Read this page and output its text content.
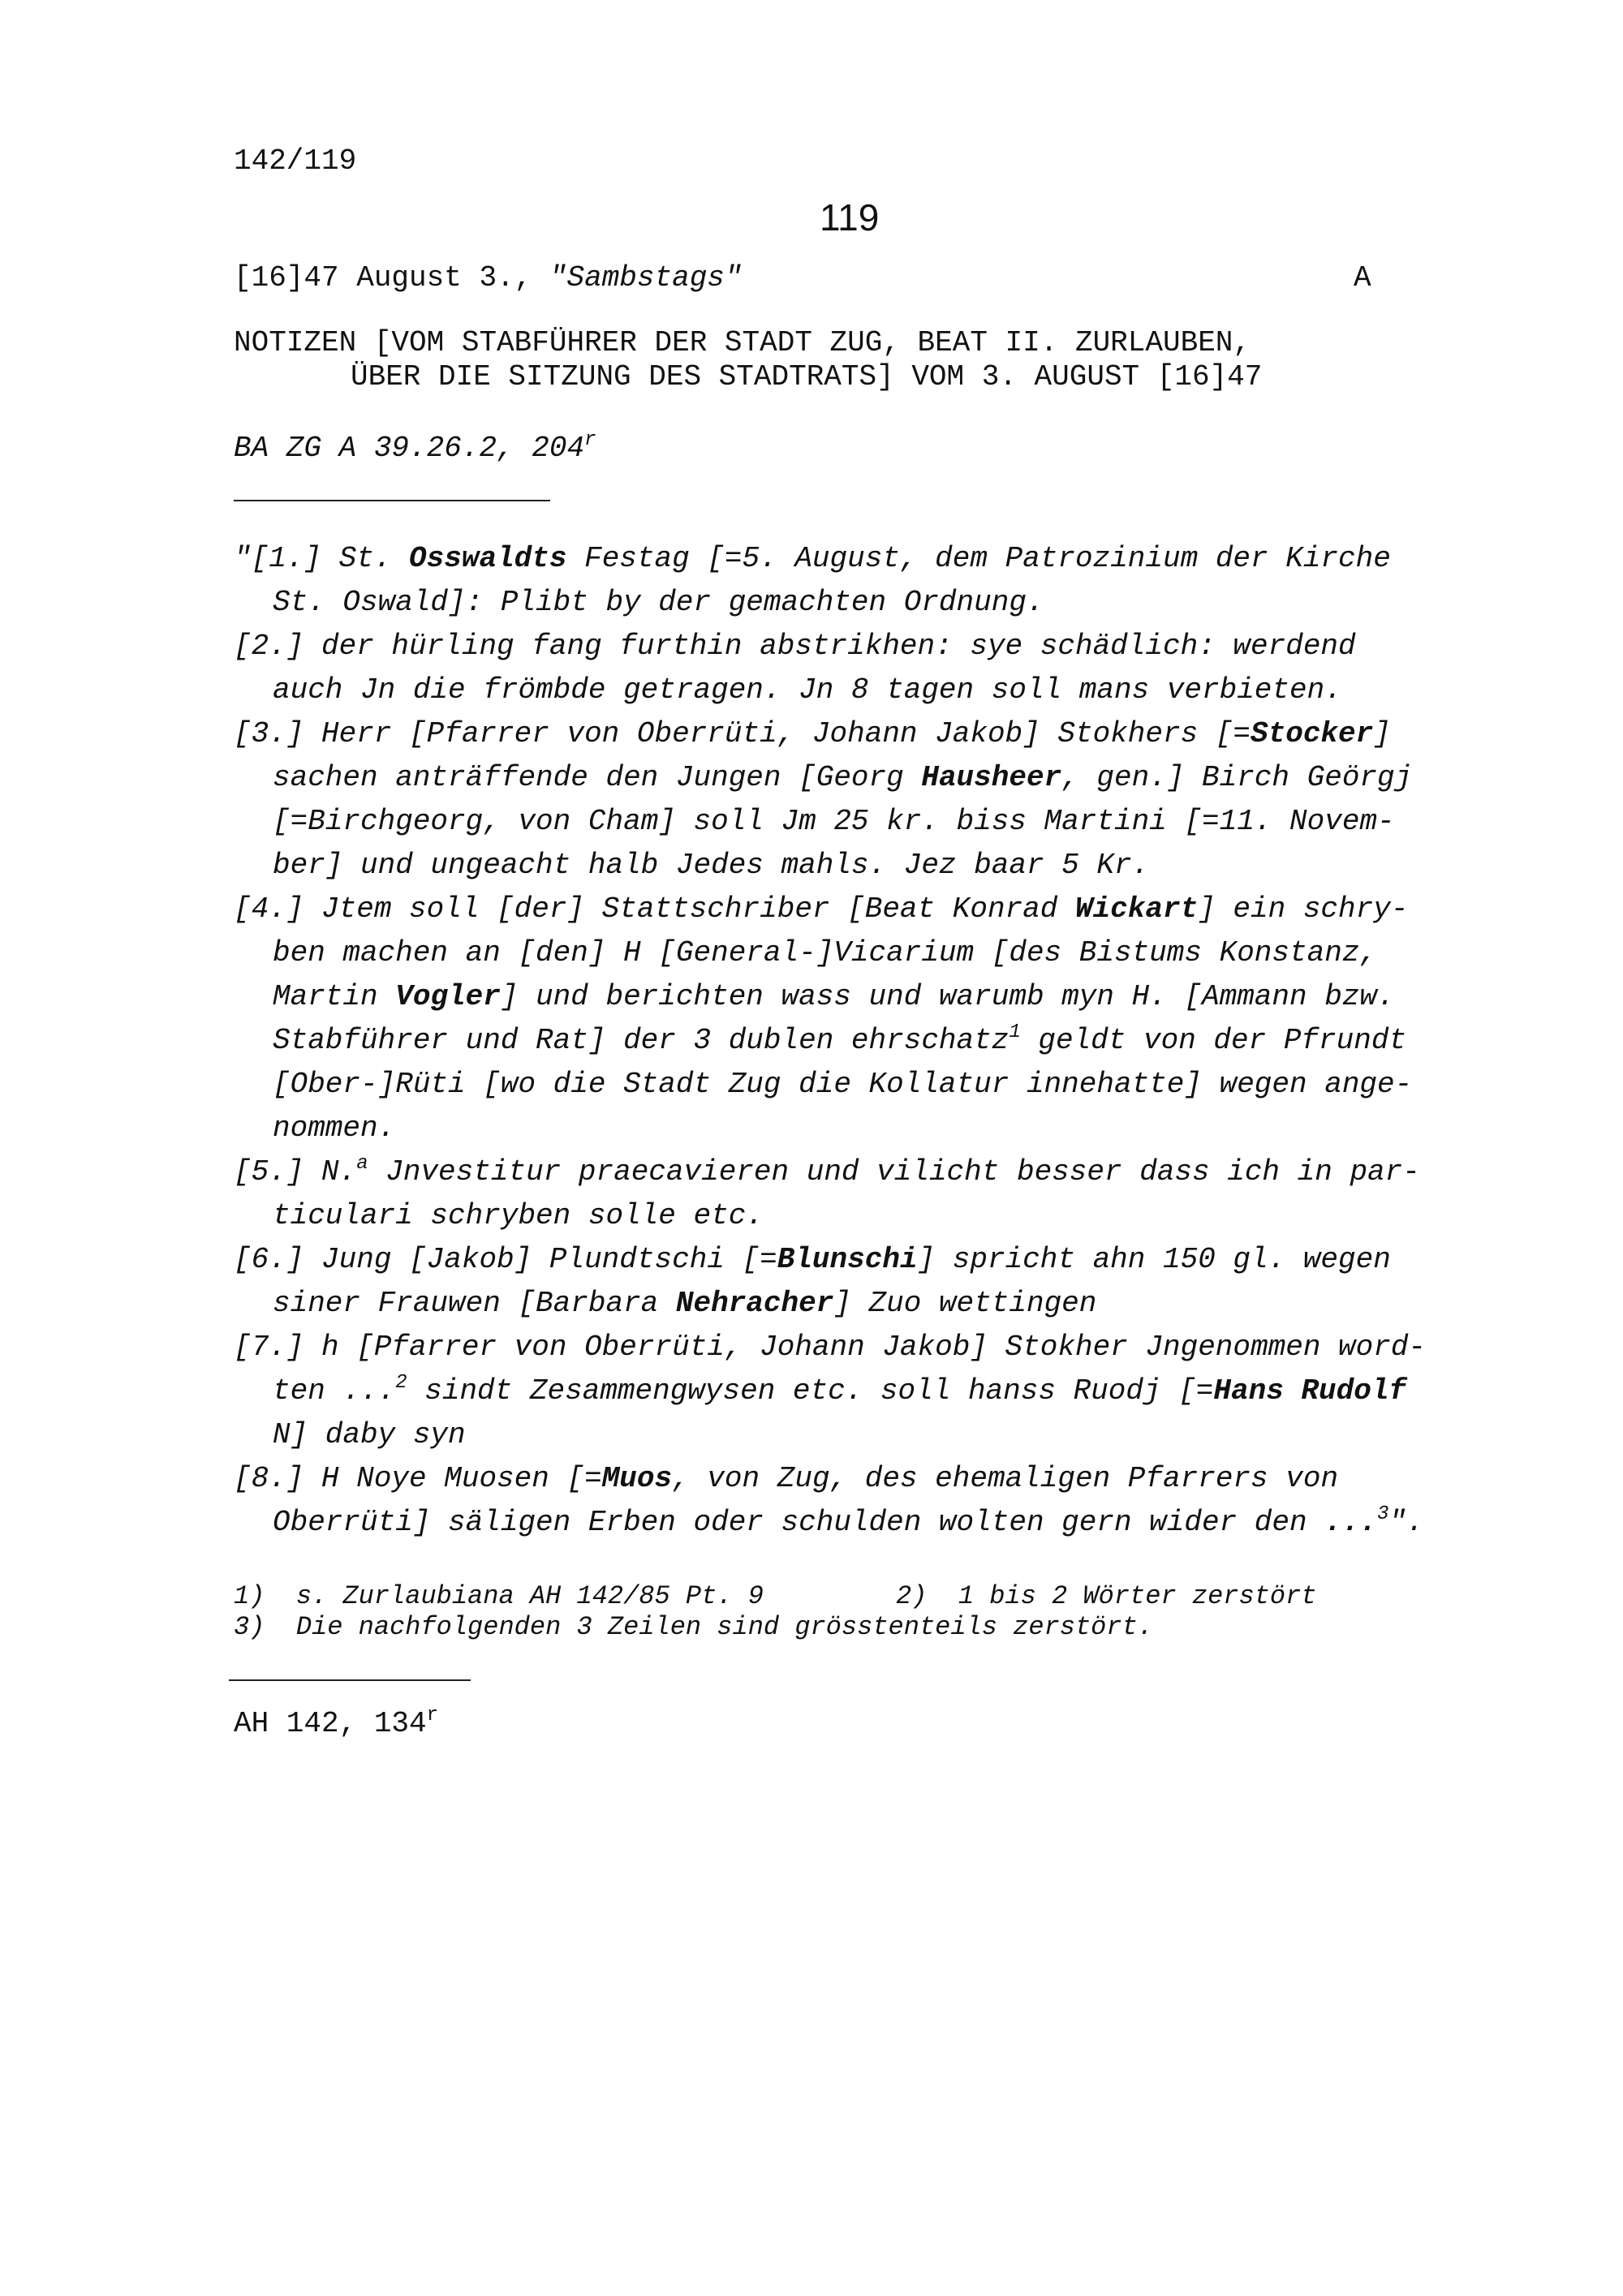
142/119
119
[16]47 August 3., "Sambstags"	A
NOTIZEN [VOM STABFÜHRER DER STADT ZUG, BEAT II. ZURLAUBEN,
ÜBER DIE SITZUNG DES STADTRATS] VOM 3. AUGUST [16]47
BA ZG A 39.26.2, 204$^r$
"[1.] St. Osswaldts Festag [=5. August, dem Patrozinium der Kirche
St. Oswald]: Plibt by der gemachten Ordnung.
[2.] der hürling fang furthin abstrikhen: sye schädlich: werdend
auch Jn die frömbde getragen. Jn 8 tagen soll mans verbieten.
[3.] Herr [Pfarrer von Oberrüti, Johann Jakob] Stokhers [=Stocker]
sachen anträffende den Jungen [Georg Hausheer, gen.] Birch Geörgj
[=Birchgeorg, von Cham] soll Jm 25 kr. biss Martini [=11. Novem-
ber] und ungeacht halb Jedes mahls. Jez baar 5 Kr.
[4.] Jtem soll [der] Stattschriber [Beat Konrad Wickart] ein schry-
ben machen an [den] H [General-]Vicarium [des Bistums Konstanz,
Martin Vogler] und berichten wass und warumb myn H. [Ammann bzw.
Stabführer und Rat] der 3 dublen ehrschatz$^1$ geldt von der Pfrundt
[Ober-]Rüti [wo die Stadt Zug die Kollatur innehatte] wegen ange-
nommen.
[5.] N.$^a$ Jnvestitur praecavieren und vilicht besser dass ich in par-
ticulari schryben solle etc.
[6.] Jung [Jakob] Plundtschi [=Blunschi] spricht ahn 150 gl. wegen
siner Frauwen [Barbara Nehracher] Zuo wettingen
[7.] h [Pfarrer von Oberrüti, Johann Jakob] Stokher Jngenommen word-
ten ...$^2$ sindt Zesammengwysen etc. soll hanss Ruodj [=Hans Rudolf
N] daby syn
[8.] H Noye Muosen [=Muos, von Zug, des ehemaligen Pfarrers von
Oberrüti] säligen Erben oder schulden wolten gern wider den ...$^3$".
1)  s. Zurlaubiana AH 142/85 Pt. 9	2)  1 bis 2 Wörter zerstört
3)  Die nachfolgenden 3 Zeilen sind grösstenteils zerstört.
AH 142, 134$^r$
